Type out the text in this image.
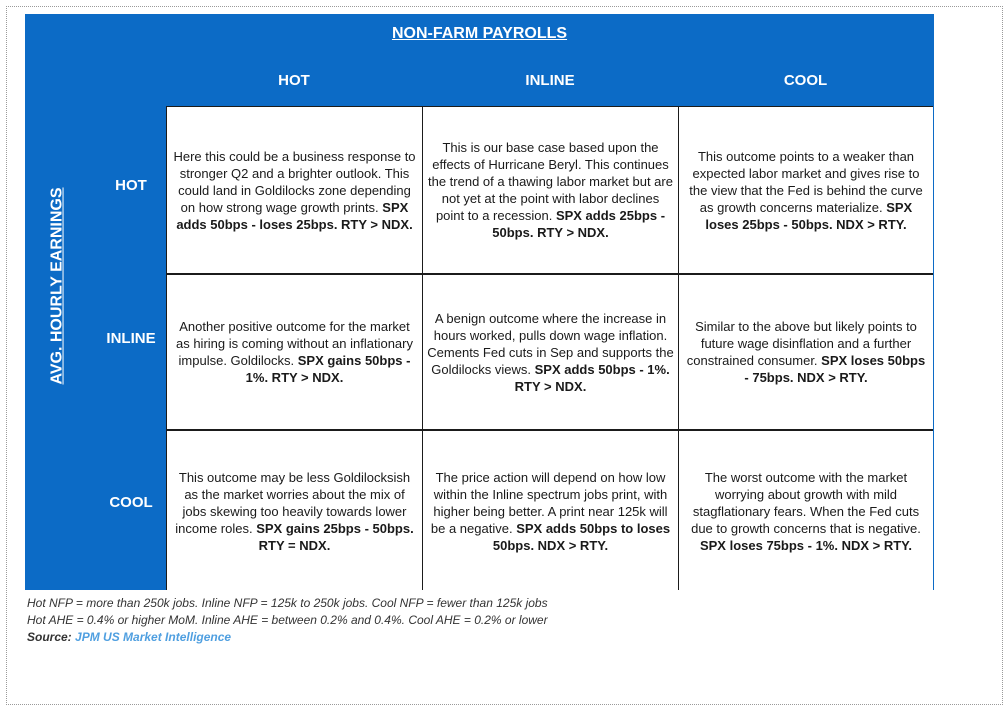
NON-FARM PAYROLLS
HOT	INLINE	COOL
AVG. HOURLY EARNINGS
HOT
INLINE
COOL

Here this could be a business response to stronger Q2 and a brighter outlook. This could land in Goldilocks zone depending on how strong wage growth prints. SPX adds 50bps - loses 25bps. RTY > NDX.

This is our base case based upon the effects of Hurricane Beryl. This continues the trend of a thawing labor market but are not yet at the point with labor declines point to a recession. SPX adds 25bps - 50bps. RTY > NDX.

This outcome points to a weaker than expected labor market and gives rise to the view that the Fed is behind the curve as growth concerns materialize. SPX loses 25bps - 50bps. NDX > RTY.

Another positive outcome for the market as hiring is coming without an inflationary impulse. Goldilocks. SPX gains 50bps - 1%. RTY > NDX.

A benign outcome where the increase in hours worked, pulls down wage inflation. Cements Fed cuts in Sep and supports the Goldilocks views. SPX adds 50bps - 1%. RTY > NDX.

Similar to the above but likely points to future wage disinflation and a further constrained consumer. SPX loses 50bps - 75bps. NDX > RTY.

This outcome may be less Goldilocksish as the market worries about the mix of jobs skewing too heavily towards lower income roles. SPX gains 25bps - 50bps. RTY = NDX.

The price action will depend on how low within the Inline spectrum jobs print, with higher being better. A print near 125k will be a negative. SPX adds 50bps to loses 50bps. NDX > RTY.

The worst outcome with the market worrying about growth with mild stagflationary fears. When the Fed cuts due to growth concerns that is negative. SPX loses 75bps - 1%. NDX > RTY.

Hot NFP = more than 250k jobs. Inline NFP = 125k to 250k jobs. Cool NFP = fewer than 125k jobs
Hot AHE = 0.4% or higher MoM. Inline AHE = between 0.2% and 0.4%. Cool AHE = 0.2% or lower
Source: JPM US Market Intelligence
